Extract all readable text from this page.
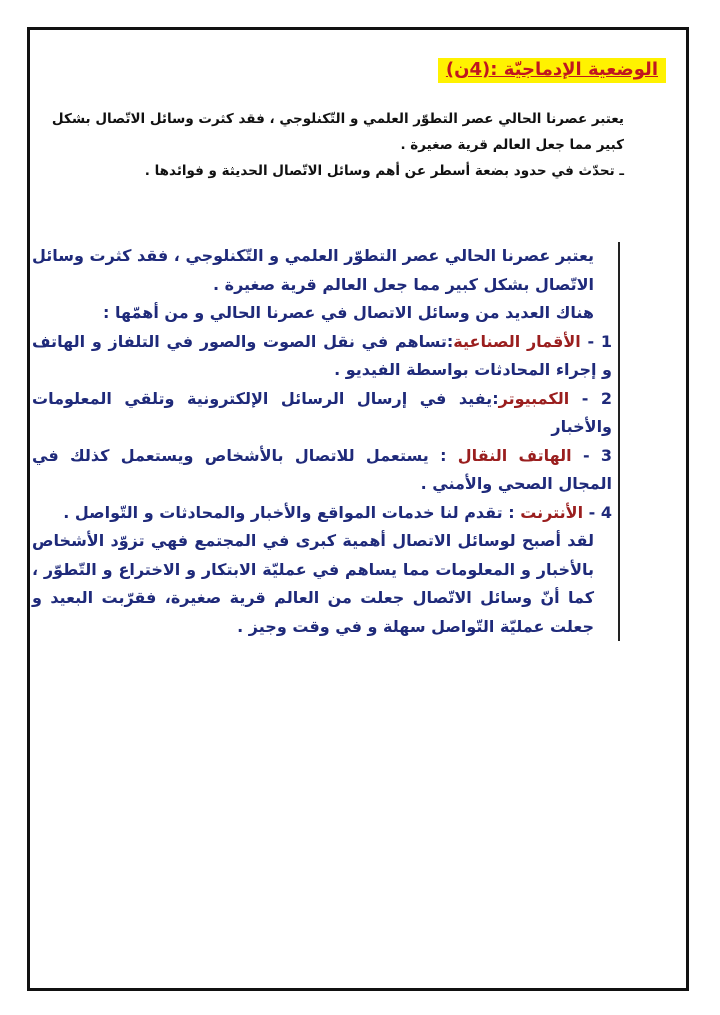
الوضعية الإدماجيّة :(4ن)

يعتبر عصرنا الحالي عصر التطوّر العلمي و التّكنلوجي ، فقد كثرت وسائل الاتّصال بشكل كبير مما جعل العالم قرية صغيرة .

ـ تحدّث في حدود بضعة أسطر عن أهم وسائل الاتّصال الحديثة و فوائدها .

يعتبر عصرنا الحالي عصر التطوّر العلمي و التّكنلوجي ، فقد كثرت وسائل الاتّصال بشكل كبير مما جعل العالم قرية صغيرة .

هناك العديد من وسائل الاتصال في عصرنا الحالي و من أهمّها :

1 - الأقمار الصناعية:تساهم في نقل الصوت والصور في التلفاز و الهاتف و إجراء المحادثات بواسطة الفيديو .

2 - الكمبيوتر:يفيد في إرسال الرسائل الإلكترونية وتلقي المعلومات والأخبار

3 - الهاتف النقال : يستعمل للاتصال بالأشخاص ويستعمل كذلك في المجال الصحي والأمني .

4 - الأنترنت : تقدم لنا خدمات المواقع والأخبار والمحادثات و التّواصل .

لقد أصبح لوسائل الاتصال أهمية كبرى في المجتمع فهي تزوّد الأشخاص بالأخبار و المعلومات مما يساهم في عمليّة الابتكار و الاختراع و التّطوّر ، كما أنّ وسائل الاتّصال جعلت من العالم قرية صغيرة، فقرّبت البعيد و جعلت عمليّة التّواصل سهلة و في وقت وجيز .
